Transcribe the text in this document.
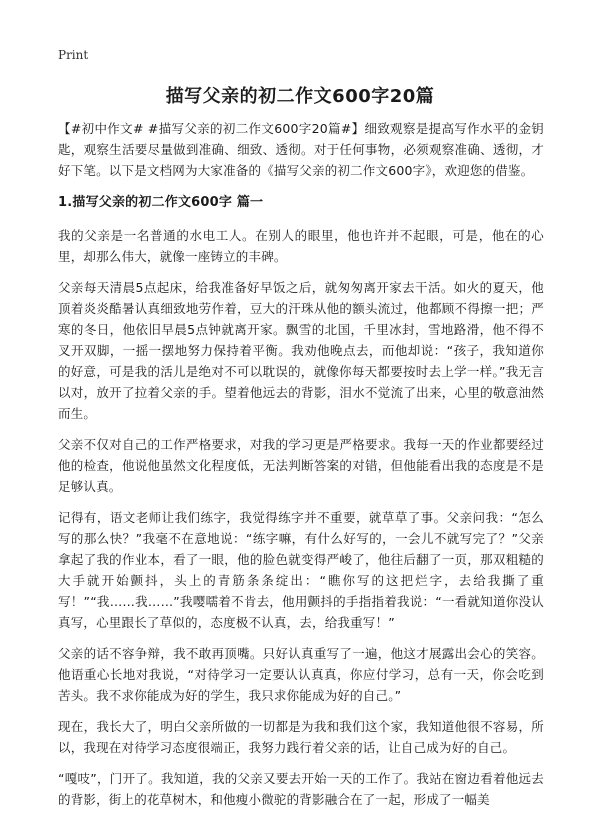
Print
描写父亲的初二作文600字20篇

【#初中作文# #描写父亲的初二作文600字20篇#】细致观察是提高写作水平的金钥匙，观察生活要尽量做到准确、细致、透彻。对于任何事物，必须观察准确、透彻，才好下笔。以下是文档网为大家准备的《描写父亲的初二作文600字》，欢迎您的借鉴。

1.描写父亲的初二作文600字 篇一

我的父亲是一名普通的水电工人。在别人的眼里，他也许并不起眼，可是，他在的心里，却那么伟大，就像一座铸立的丰碑。

父亲每天清晨5点起床，给我准备好早饭之后，就匆匆离开家去干活。如火的夏天，他顶着炎炎酷暑认真细致地劳作着，豆大的汗珠从他的额头流过，他都顾不得擦一把；严寒的冬日，他依旧早晨5点钟就离开家。飘雪的北国，千里冰封，雪地路滑，他不得不叉开双脚，一摇一摆地努力保持着平衡。我劝他晚点去，而他却说：“孩子，我知道你的好意，可是我的活儿是绝对不可以耽误的，就像你每天都要按时去上学一样。”我无言以对，放开了拉着父亲的手。望着他远去的背影，泪水不觉流了出来，心里的敬意油然而生。

父亲不仅对自己的工作严格要求，对我的学习更是严格要求。我每一天的作业都要经过他的检查，他说他虽然文化程度低，无法判断答案的对错，但他能看出我的态度是不是足够认真。

记得有，语文老师让我们练字，我觉得练字并不重要，就草草了事。父亲问我：“怎么写的那么快？”我毫不在意地说：“练字嘛，有什么好写的，一会儿不就写完了？”父亲拿起了我的作业本，看了一眼，他的脸色就变得严峻了，他往后翻了一页，那双粗糙的大手就开始颤抖，头上的青筋条条绽出：“瞧你写的这把烂字，去给我撕了重写！”“我……我……”我嘤嚅着不肯去，他用颤抖的手指指着我说：“一看就知道你没认真写，心里跟长了草似的，态度极不认真，去，给我重写！”

父亲的话不容争辩，我不敢再顶嘴。只好认真重写了一遍，他这才展露出会心的笑容。他语重心长地对我说，“对待学习一定要认认真真，你应付学习，总有一天，你会吃到苦头。我不求你能成为好的学生，我只求你能成为好的自己。”

现在，我长大了，明白父亲所做的一切都是为我和我们这个家，我知道他很不容易，所以，我现在对待学习态度很端正，我努力践行着父亲的话，让自己成为好的自己。

“嘎吱”，门开了。我知道，我的父亲又要去开始一天的工作了。我站在窗边看着他远去的背影，街上的花草树木，和他瘦小微驼的背影融合在了一起，形成了一幅美
